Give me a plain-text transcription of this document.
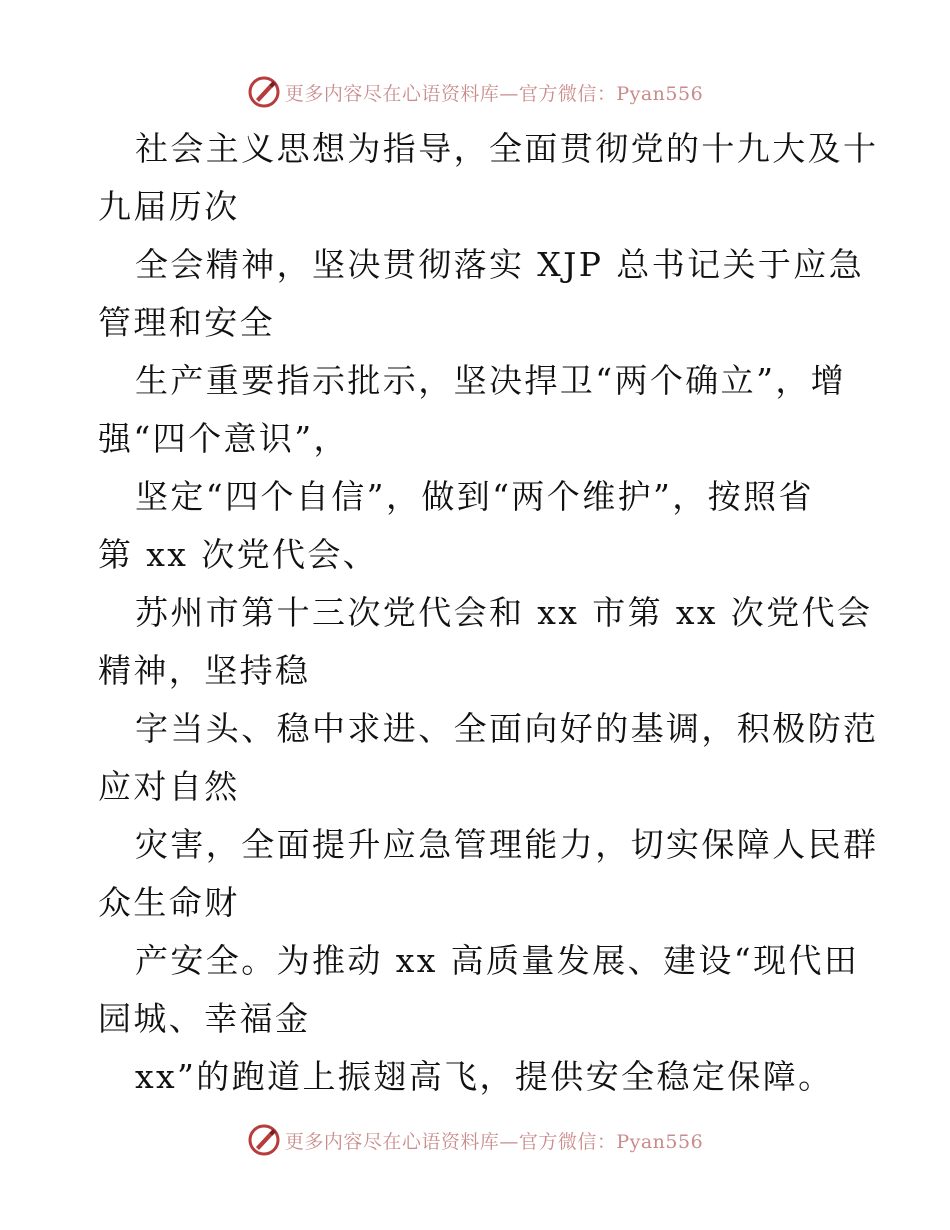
更多内容尽在心语资料库—官方微信：Pyan556
社会主义思想为指导，全面贯彻党的十九大及十
九届历次
全会精神，坚决贯彻落实 XJP 总书记关于应急
管理和安全
生产重要指示批示，坚决捍卫“两个确立”，增
强“四个意识”，
坚定“四个自信”，做到“两个维护”，按照省
第 xx 次党代会、
苏州市第十三次党代会和 xx 市第 xx 次党代会
精神，坚持稳
字当头、稳中求进、全面向好的基调，积极防范
应对自然
灾害，全面提升应急管理能力，切实保障人民群
众生命财
产安全。为推动 xx 高质量发展、建设“现代田
园城、幸福金
xx”的跑道上振翅高飞，提供安全稳定保障。
更多内容尽在心语资料库—官方微信：Pyan556
